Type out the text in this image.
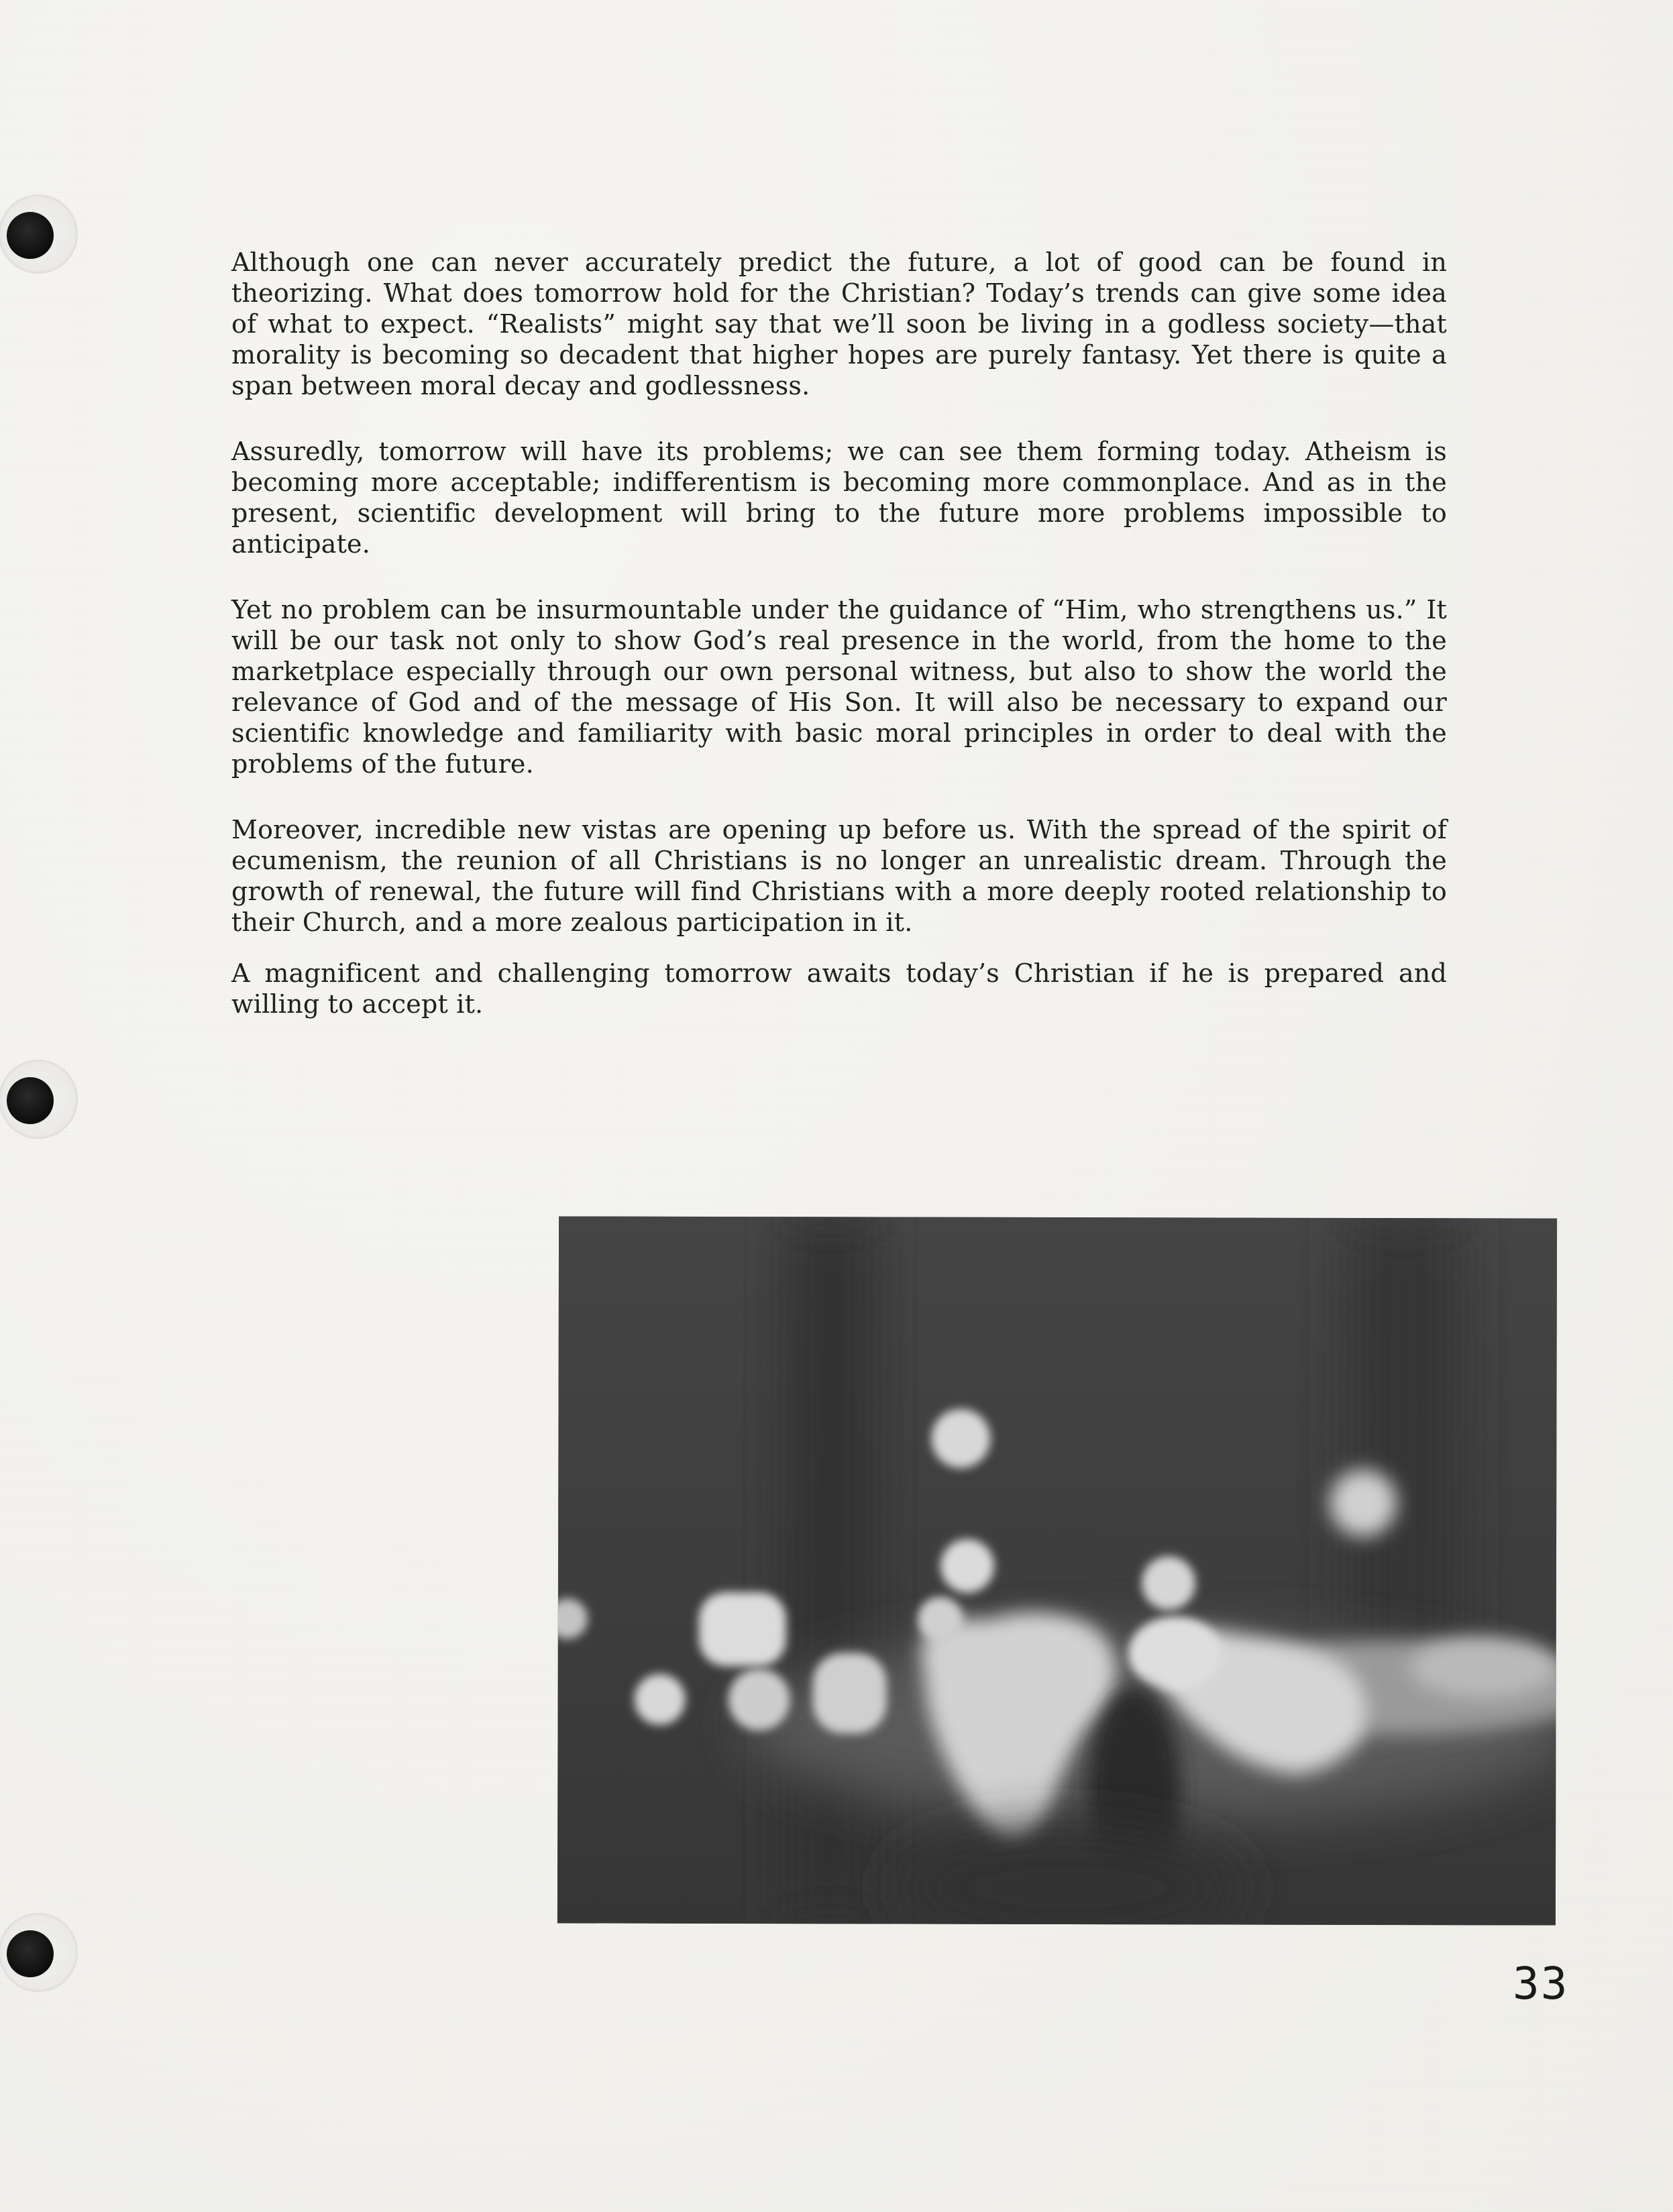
Although one can never accurately predict the future, a lot of good can be found in theorizing. What does tomorrow hold for the Christian? Today’s trends can give some idea of what to expect. “Realists” might say that we’ll soon be living in a godless society—that morality is becoming so decadent that higher hopes are purely fantasy. Yet there is quite a span between moral decay and godlessness.

Assuredly, tomorrow will have its problems; we can see them forming today. Atheism is becoming more acceptable; indifferentism is becoming more commonplace. And as in the present, scientific development will bring to the future more problems impossible to anticipate.

Yet no problem can be insurmountable under the guidance of “Him, who strengthens us.” It will be our task not only to show God’s real presence in the world, from the home to the marketplace especially through our own personal witness, but also to show the world the relevance of God and of the message of His Son. It will also be necessary to expand our scientific knowledge and familiarity with basic moral principles in order to deal with the problems of the future.

Moreover, incredible new vistas are opening up before us. With the spread of the spirit of ecumenism, the reunion of all Christians is no longer an unrealistic dream. Through the growth of renewal, the future will find Christians with a more deeply rooted relationship to their Church, and a more zealous participation in it.

A magnificent and challenging tomorrow awaits today’s Christian if he is prepared and willing to accept it.

33
